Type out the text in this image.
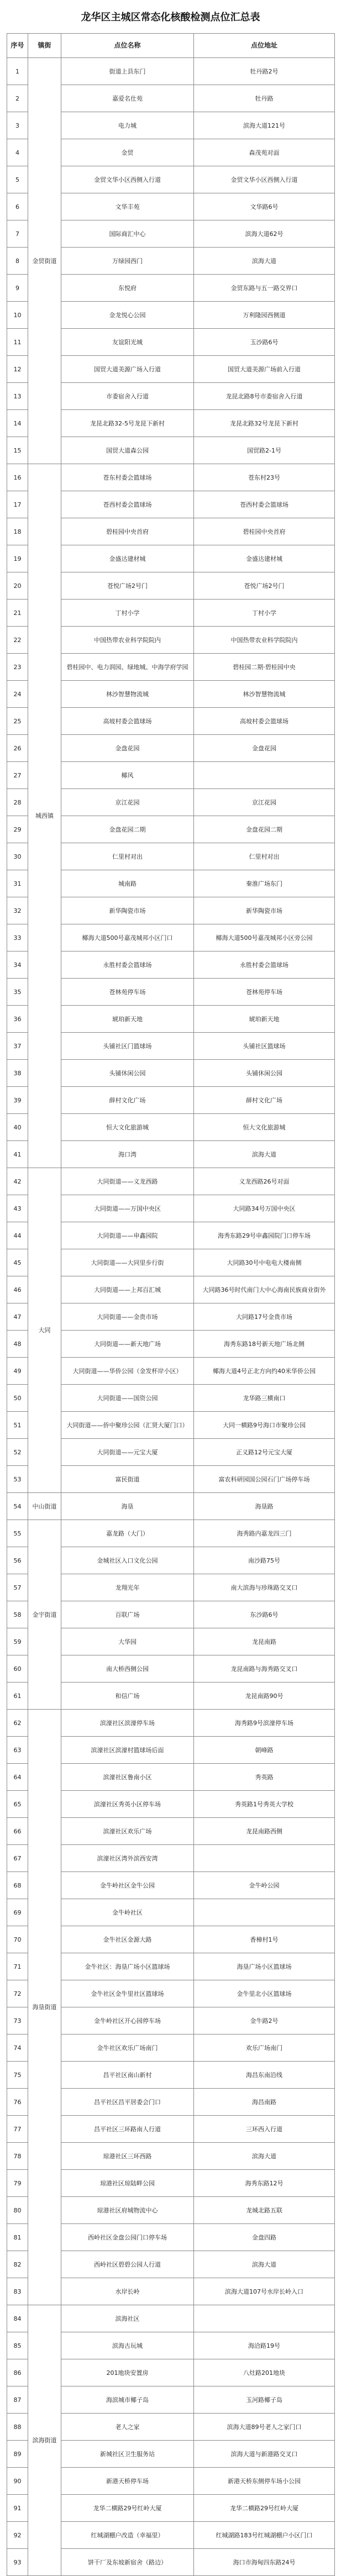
龙华区主城区常态化核酸检测点位汇总表
序号	镇街	点位名称	点位地址
1	金贸街道	街道上县东门	牡丹路2号
2		嘉爱名仕苑	牡丹路
3		电力城	滨海大道121号
4		金贸	森茂苑对面
5		金贸文华小区西侧入行道	金贸文华小区西侧入行道
6		文华丰苑	文华路6号
7		国际商汇中心	滨海大道62号
8		万绿园西门	滨海大道
9		东悦府	金贸东路与五一路交界口
10		金龙悦心公园	万利隆园西侧道
11		友谊阳光城	玉沙路6号
12		国贸大道美源广场入行道	国贸大道美源广场前入行道
13		市委宿舍入行道	龙昆北路8号市委宿舍入行道
14		龙昆北路32-5号龙昆下新村	龙昆北路32号龙昆下新村
15		国贸大道森公园	国贸路2-1号
16	城西镇	苍东村委会篮球场	苍东村23号
17		苍西村委会篮球场	苍西村委会篮球场
18		碧桂园中央首府	碧桂园中央首府
19		金盛达建材城	金盛达建材城
20		苍悦广场2号门	苍悦广场2号门
21		丁村小学	丁村小学
22		中国热带农业科学院院内	中国热带农业科学院院内
23		碧桂园中、电力润园、绿地城、中海学府学园	碧桂园二期·碧桂园中央
24		林沙智慧物流城	林沙智慧物流城
25		高坡村委会篮球场	高坡村委会篮球场
26		金盘花园	金盘花园
27		椰风	
28		京江花园	京江花园
29		金盘花园二期	金盘花园二期
30		仁里村对出	仁里村对出
31		城南路	秦淮广场东门
32		新华陶瓷市场	新华陶瓷市场
33		椰海大道500号嘉茂城邦小区门口	椰海大道500号嘉茂城邦小区旁公园
34		永胜村委会篮球场	永胜村委会篮球场
35		苍林苑停车场	苍林苑停车场
36		琥珀新天地	琥珀新天地
37		头铺社区门篮球场	头铺社区篮球场
38		头铺休闲公园	头铺休闲公园
39		薛村文化广场	薛村文化广场
40		恒大文化旅游城	恒大文化旅游城
41		海口湾	滨海大道
42	大同	大同街道——义龙西路	义龙西路26号对面
43		大同街道——万国中央区	大同路34号万国中央区
44		大同街道——申鑫园院	海秀东路29号申鑫园院门口停车场
45		大同街道——大同里步行街	大同路30号中电电大楼南侧
46		大同街道——上邦百汇城	大同路36号时代南门大中心海南民族商业街外
47		大同街道——金贵市场	大同路17号金贵市场
48		大同街道——新天地广场	海秀东路18号新天地广场北侧
49		大同街道——华侨公园（金发杯岸小区）	椰海大道4号正北方向约40米华侨公园
50		大同街道——国资公园	龙华路三横南口
51		大同街道——侨中聚珍公园（汇贤大厦门口）	大同一横路9号海口市聚珍公园
52		大同街道——元宝大厦	正义路12号元宝大厦
53		富民街道	富农科研园国公园石门广场停车场
54	中山街道	海垦	海垦路
55	金宇街道	嘉龙路（大门）	海秀路内嘉龙四三门
56		金城社区入口文化公园	南沙路75号
57		龙翔光年	南大滨海与珍珠路交叉口
58		百联广场	东沙路6号
59		大华园	龙昆南路
60		南大桥西侧公园	龙昆南路与海秀路交叉口
61		和信广场	龙昆南路90号
62	海垦街道	滨濠社区滨濠停车场	海秀路9号滨濠停车场
63		滨濠社区滨濠村篮球场后面	朝峰路
64		滨濠社区鲁南小区	秀英路
65		滨濠社区秀英小区停车场	秀英路1号秀英大学校
66		滨濠社区欢乐广场	龙昆南路西侧
67		滨濠社区湾外滨西安湾	
68		金牛岭社区金牛公园	金牛岭公园
69		金牛岭社区	
70		金牛社区金源大路	香樟村1号
71		金牛社区：海垦广场小区篮球场	海垦广场小区篮球场
72		金牛社区金牛里社区篮球场	金牛里北小区篮球场
73		金牛岭社区开心园停车场	金牛路2号
74		金牛社区欢乐广场南门	欢乐广场南门
75		昌平社区南山新村	海昌东南沿线
76		昌平社区昌平居委会门口	海昌南路
77		昌平社区三环路南人行道	三环西入行道
78		琼港社区三环西路	滨海大道
79		琼港社区琼陆畔公园	海秀东路12号
80		琼港社区府城物流中心	龙城北路五联
81		西岭社区金盘公园门口停车场	金盘四路
82		西岭社区碧碧公园人行道	滨海大道
83		水岸长岭	滨海大道107号水岸长岭入口
84	滨海街道	滨海社区	
85		滨海古玩城	海洽路19号
86		201地块安置房	八灶路201地块
87		海滨城市椰子岛	玉河路椰子岛
88		老人之家	滨海大道89号老人之家门口
89		新城社区卫生服务站	滨海大道与新港路交叉口
90		新港天桥停车场	新港天桥东侧停车场小公园
91		龙华二横路29号红岭大厦	龙华二横路29号红岭大厦
92		红城湖棚户改造（幸福里）	红城湖路183号红城湖棚户小区门口
93		饼干厂及东坡新宿舍（路边）	海口市海甸四东路24号
